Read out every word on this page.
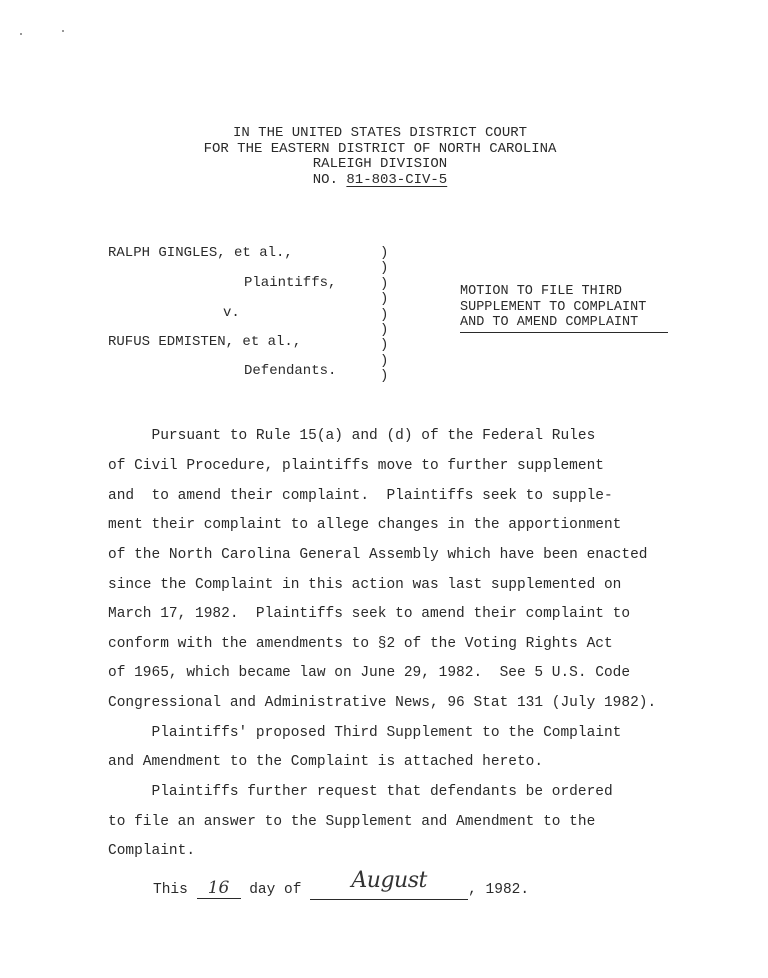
IN THE UNITED STATES DISTRICT COURT
FOR THE EASTERN DISTRICT OF NORTH CAROLINA
RALEIGH DIVISION
NO. 81-803-CIV-5
RALPH GINGLES, et al.,
Plaintiffs,
v.
RUFUS EDMISTEN, et al.,
Defendants.
)
)
)
)
)
)
)
)
)
MOTION TO FILE THIRD
SUPPLEMENT TO COMPLAINT
AND TO AMEND COMPLAINT
Pursuant to Rule 15(a) and (d) of the Federal Rules
of Civil Procedure, plaintiffs move to further supplement
and  to amend their complaint.  Plaintiffs seek to supple-
ment their complaint to allege changes in the apportionment
of the North Carolina General Assembly which have been enacted
since the Complaint in this action was last supplemented on
March 17, 1982.  Plaintiffs seek to amend their complaint to
conform with the amendments to §2 of the Voting Rights Act
of 1965, which became law on June 29, 1982.  See 5 U.S. Code
Congressional and Administrative News, 96 Stat 131 (July 1982).
Plaintiffs' proposed Third Supplement to the Complaint
and Amendment to the Complaint is attached hereto.
Plaintiffs further request that defendants be ordered
to file an answer to the Supplement and Amendment to the
Complaint.
This 16 day of August	, 1982.
